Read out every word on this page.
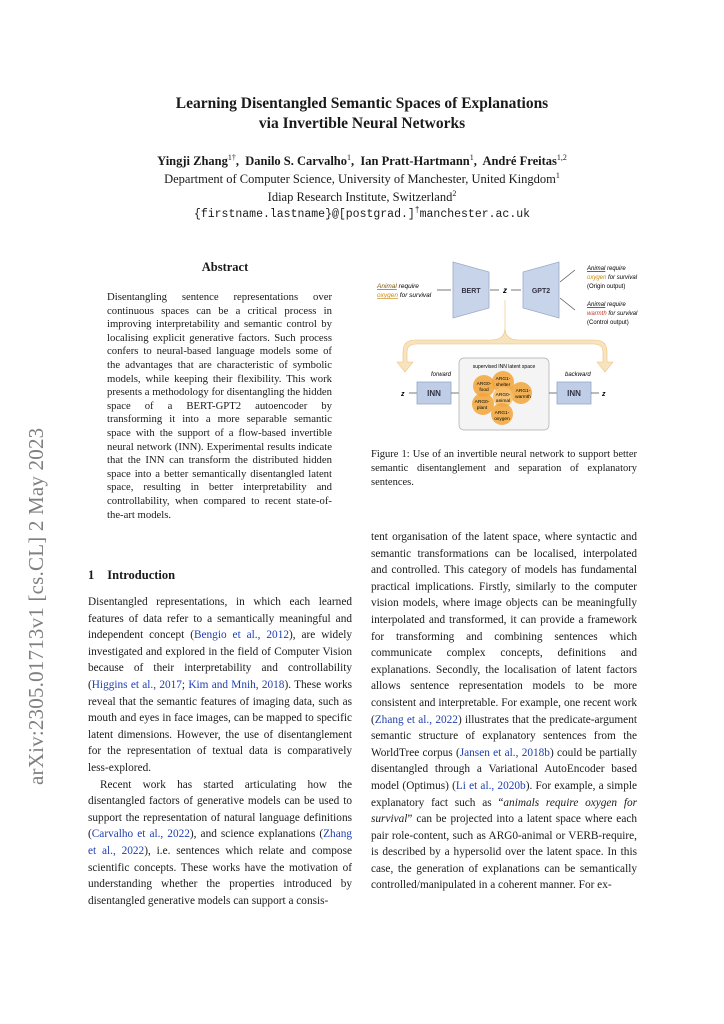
Learning Disentangled Semantic Spaces of Explanations
via Invertible Neural Networks
Yingji Zhang$^{1\dagger}$,  Danilo S. Carvalho$^1$,  Ian Pratt-Hartmann$^1$,  André Freitas$^{1,2}$
Department of Computer Science, University of Manchester, United Kingdom$^1$
Idiap Research Institute, Switzerland$^2$
{firstname.lastname}@[postgrad.]†manchester.ac.uk
arXiv:2305.01713v1 [cs.CL] 2 May 2023
Abstract
Disentangling sentence representations over continuous spaces can be a critical process in improving interpretability and semantic control by localising explicit generative factors. Such process confers to neural-based language models some of the advantages that are characteristic of symbolic models, while keeping their flexibility. This work presents a methodology for disentangling the hidden space of a BERT-GPT2 autoencoder by transforming it into a more separable semantic space with the support of a flow-based invertible neural network (INN). Experimental results indicate that the INN can transform the distributed hidden space into a better semantically disentangled latent space, resulting in better interpretability and controllability, when compared to recent state-of-the-art models.
1 Introduction

Disentangled representations, in which each learned features of data refer to a semantically meaningful and independent concept (Bengio et al., 2012), are widely investigated and explored in the field of Computer Vision because of their interpretability and controllability (Higgins et al., 2017; Kim and Mnih, 2018). These works reveal that the semantic features of imaging data, such as mouth and eyes in face images, can be mapped to specific latent dimensions. However, the use of disentanglement for the representation of textual data is comparatively less-explored.

Recent work has started articulating how the disentangled factors of generative models can be used to support the representation of natural language definitions (Carvalho et al., 2022), and science explanations (Zhang et al., 2022), i.e. sentences which relate and compose scientific concepts. These works have the motivation of understanding whether the properties introduced by disentangled generative models can support a consis-

Animal require
oxygen for survival
BERT	z	GPT2
Animal require
oxygen for survival
(Origin output)
Animal require
warmth for survival
(Control output)
forward	backward
z	INN
supervised INN latent space
ARG0-
food
ARG1-
shelter
ARG1-
warmth
ARG0-
plant
ARG0-
animal
ARG1-
oxygen
INN	z
Figure 1: Use of an invertible neural network to support better semantic disentanglement and separation of explanatory sentences.

tent organisation of the latent space, where syntactic and semantic transformations can be localised, interpolated and controlled. This category of models has fundamental practical implications. Firstly, similarly to the computer vision models, where image objects can be meaningfully interpolated and transformed, it can provide a framework for transforming and combining sentences which communicate complex concepts, definitions and explanations. Secondly, the localisation of latent factors allows sentence representation models to be more consistent and interpretable. For example, one recent work (Zhang et al., 2022) illustrates that the predicate-argument semantic structure of explanatory sentences from the WorldTree corpus (Jansen et al., 2018b) could be partially disentangled through a Variational AutoEncoder based model (Optimus) (Li et al., 2020b). For example, a simple explanatory fact such as “animals require oxygen for survival” can be projected into a latent space where each pair role-content, such as ARG0-animal or VERB-require, is described by a hypersolid over the latent space. In this case, the generation of explanations can be semantically controlled/manipulated in a coherent manner. For ex-
